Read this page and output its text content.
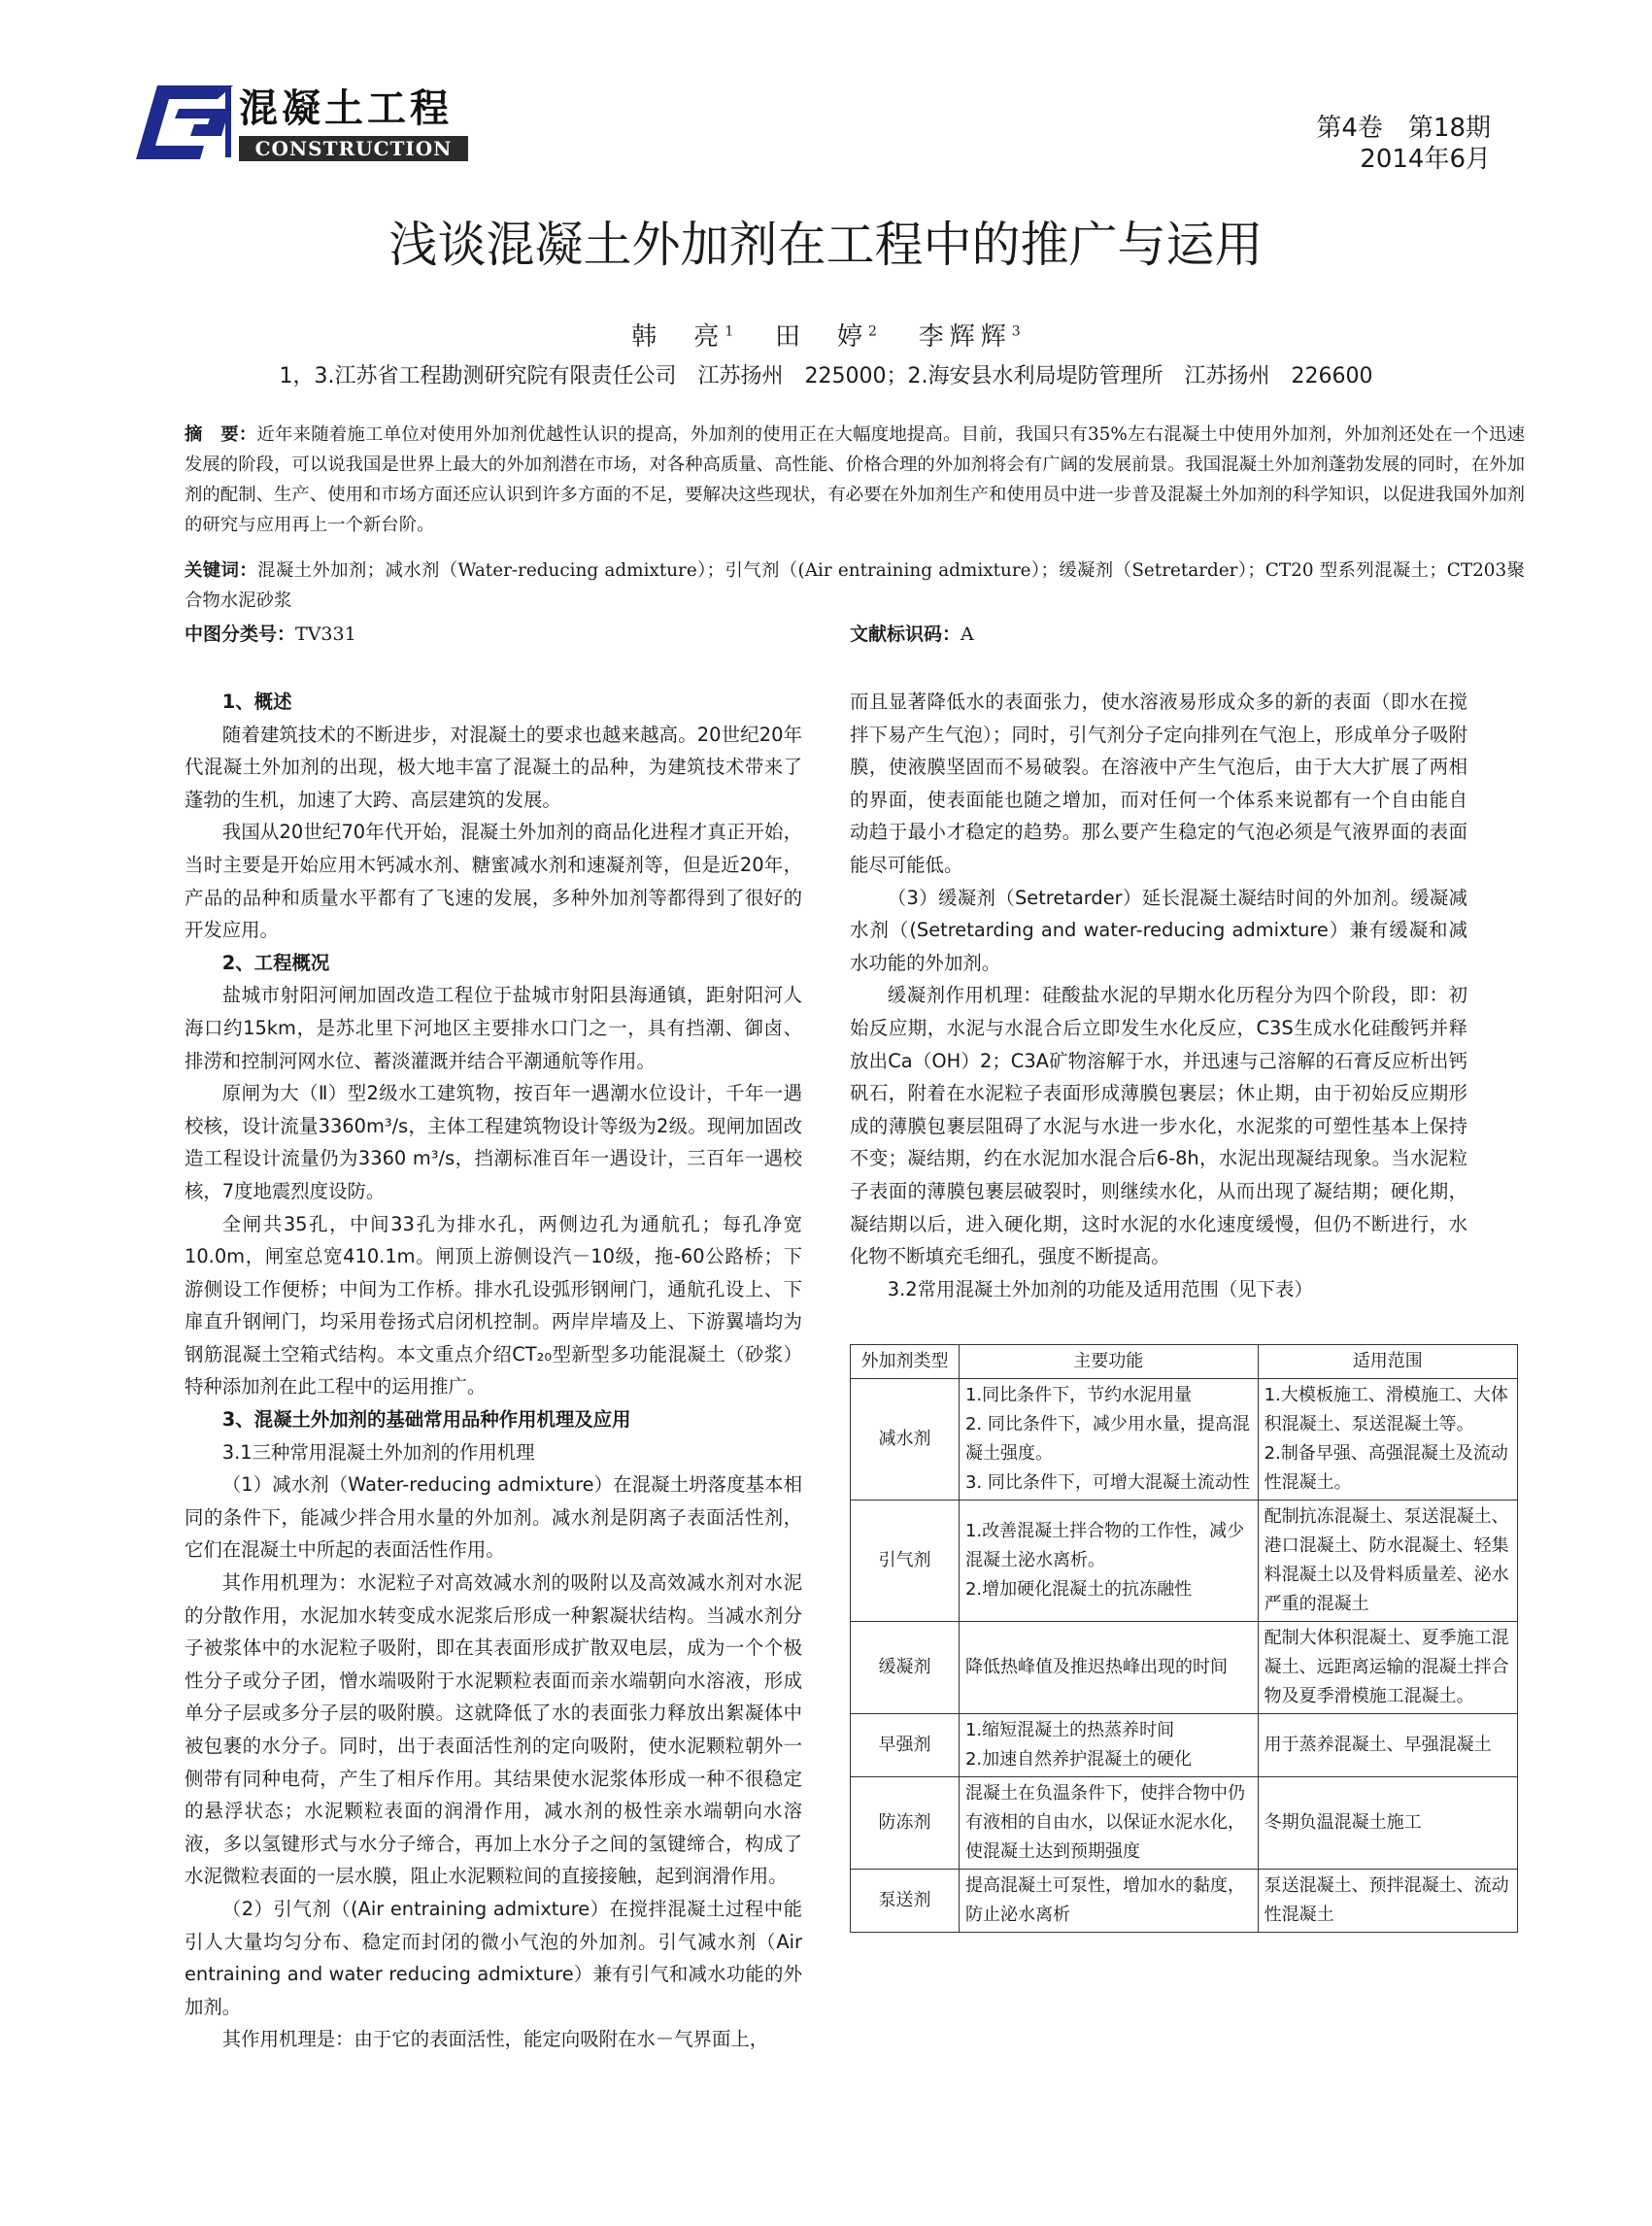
混凝土工程
CONSTRUCTION
第4卷　第18期
2014年6月
浅谈混凝土外加剂在工程中的推广与运用
韩　亮$^1$ 田　婷$^2$ 李辉辉$^3$
1，3.江苏省工程勘测研究院有限责任公司　江苏扬州　225000；2.海安县水利局堤防管理所　江苏扬州　226600
摘　要：近年来随着施工单位对使用外加剂优越性认识的提高，外加剂的使用正在大幅度地提高。目前，我国只有35%左右混凝土中使用外加剂，外加剂还处在一个迅速发展的阶段，可以说我国是世界上最大的外加剂潜在市场，对各种高质量、高性能、价格合理的外加剂将会有广阔的发展前景。我国混凝土外加剂蓬勃发展的同时，在外加剂的配制、生产、使用和市场方面还应认识到许多方面的不足，要解决这些现状，有必要在外加剂生产和使用员中进一步普及混凝土外加剂的科学知识，以促进我国外加剂的研究与应用再上一个新台阶。
关键词：混凝土外加剂；减水剂（Water-reducing admixture）；引气剂（(Air entraining admixture）；缓凝剂（Setretarder）；CT20 型系列混凝土；CT203聚合物水泥砂浆
中图分类号：TV331	文献标识码：A
1、概述

随着建筑技术的不断进步，对混凝土的要求也越来越高。20世纪20年代混凝土外加剂的出现，极大地丰富了混凝土的品种，为建筑技术带来了蓬勃的生机，加速了大跨、高层建筑的发展。

我国从20世纪70年代开始，混凝土外加剂的商品化进程才真正开始，当时主要是开始应用木钙减水剂、糖蜜减水剂和速凝剂等，但是近20年，产品的品种和质量水平都有了飞速的发展，多种外加剂等都得到了很好的开发应用。

2、工程概况

盐城市射阳河闸加固改造工程位于盐城市射阳县海通镇，距射阳河人海口约15km，是苏北里下河地区主要排水口门之一，具有挡潮、御卤、排涝和控制河网水位、蓄淡灌溉并结合平潮通航等作用。

原闸为大（Ⅱ）型2级水工建筑物，按百年一遇潮水位设计，千年一遇校核，设计流量3360m³/s，主体工程建筑物设计等级为2级。现闸加固改造工程设计流量仍为3360 m³/s，挡潮标准百年一遇设计，三百年一遇校核，7度地震烈度设防。

全闸共35孔，中间33孔为排水孔，两侧边孔为通航孔；每孔净宽10.0m，闸室总宽410.1m。闸顶上游侧设汽－10级，拖-60公路桥；下游侧设工作便桥；中间为工作桥。排水孔设弧形钢闸门，通航孔设上、下扉直升钢闸门，均采用卷扬式启闭机控制。两岸岸墙及上、下游翼墙均为钢筋混凝土空箱式结构。本文重点介绍CT₂₀型新型多功能混凝土（砂浆）特种添加剂在此工程中的运用推广。

3、混凝土外加剂的基础常用品种作用机理及应用

3.1三种常用混凝土外加剂的作用机理

（1）减水剂（Water-reducing admixture）在混凝土坍落度基本相同的条件下，能减少拌合用水量的外加剂。减水剂是阴离子表面活性剂，它们在混凝土中所起的表面活性作用。

其作用机理为：水泥粒子对高效减水剂的吸附以及高效减水剂对水泥的分散作用，水泥加水转变成水泥浆后形成一种絮凝状结构。当减水剂分子被浆体中的水泥粒子吸附，即在其表面形成扩散双电层，成为一个个极性分子或分子团，憎水端吸附于水泥颗粒表面而亲水端朝向水溶液，形成单分子层或多分子层的吸附膜。这就降低了水的表面张力释放出絮凝体中被包裹的水分子。同时，出于表面活性剂的定向吸附，使水泥颗粒朝外一侧带有同种电荷，产生了相斥作用。其结果使水泥浆体形成一种不很稳定的悬浮状态；水泥颗粒表面的润滑作用，减水剂的极性亲水端朝向水溶液，多以氢键形式与水分子缔合，再加上水分子之间的氢键缔合，构成了水泥微粒表面的一层水膜，阻止水泥颗粒间的直接接触，起到润滑作用。

（2）引气剂（(Air entraining admixture）在搅拌混凝土过程中能引人大量均匀分布、稳定而封闭的微小气泡的外加剂。引气减水剂（Air entraining and water reducing admixture）兼有引气和减水功能的外加剂。

其作用机理是：由于它的表面活性，能定向吸附在水－气界面上，

而且显著降低水的表面张力，使水溶液易形成众多的新的表面（即水在搅拌下易产生气泡）；同时，引气剂分子定向排列在气泡上，形成单分子吸附膜，使液膜坚固而不易破裂。在溶液中产生气泡后，由于大大扩展了两相的界面，使表面能也随之增加，而对任何一个体系来说都有一个自由能自动趋于最小才稳定的趋势。那么要产生稳定的气泡必须是气液界面的表面能尽可能低。

（3）缓凝剂（Setretarder）延长混凝土凝结时间的外加剂。缓凝减水剂（(Setretarding and water-reducing admixture）兼有缓凝和减水功能的外加剂。

缓凝剂作用机理：硅酸盐水泥的早期水化历程分为四个阶段，即：初始反应期，水泥与水混合后立即发生水化反应，C3S生成水化硅酸钙并释放出Ca（OH）2；C3A矿物溶解于水，并迅速与己溶解的石膏反应析出钙矾石，附着在水泥粒子表面形成薄膜包裹层；休止期，由于初始反应期形成的薄膜包裹层阻碍了水泥与水进一步水化，水泥浆的可塑性基本上保持不变；凝结期，约在水泥加水混合后6-8h，水泥出现凝结现象。当水泥粒子表面的薄膜包裹层破裂时，则继续水化，从而出现了凝结期；硬化期，凝结期以后，进入硬化期，这时水泥的水化速度缓慢，但仍不断进行，水化物不断填充毛细孔，强度不断提高。

3.2常用混凝土外加剂的功能及适用范围（见下表）

外加剂类型	主要功能	适用范围
减水剂	1.同比条件下，节约水泥用量
2. 同比条件下，减少用水量，提高混凝土强度。
3. 同比条件下，可增大混凝土流动性	1.大模板施工、滑模施工、大体积混凝土、泵送混凝土等。
2.制备早强、高强混凝土及流动性混凝土。

引气剂	1.改善混凝土拌合物的工作性，减少混凝土泌水离析。
2.增加硬化混凝土的抗冻融性	配制抗冻混凝土、泵送混凝土、港口混凝土、防水混凝土、轻集料混凝土以及骨料质量差、泌水严重的混凝土

缓凝剂	降低热峰值及推迟热峰出现的时间	配制大体积混凝土、夏季施工混凝土、远距离运输的混凝土拌合物及夏季滑模施工混凝土。

早强剂	1.缩短混凝土的热蒸养时间
2.加速自然养护混凝土的硬化	用于蒸养混凝土、早强混凝土

防冻剂	混凝土在负温条件下，使拌合物中仍有液相的自由水，以保证水泥水化，使混凝土达到预期强度	冬期负温混凝土施工

泵送剂	提高混凝土可泵性，增加水的黏度，防止泌水离析	泵送混凝土、预拌混凝土、流动性混凝土
